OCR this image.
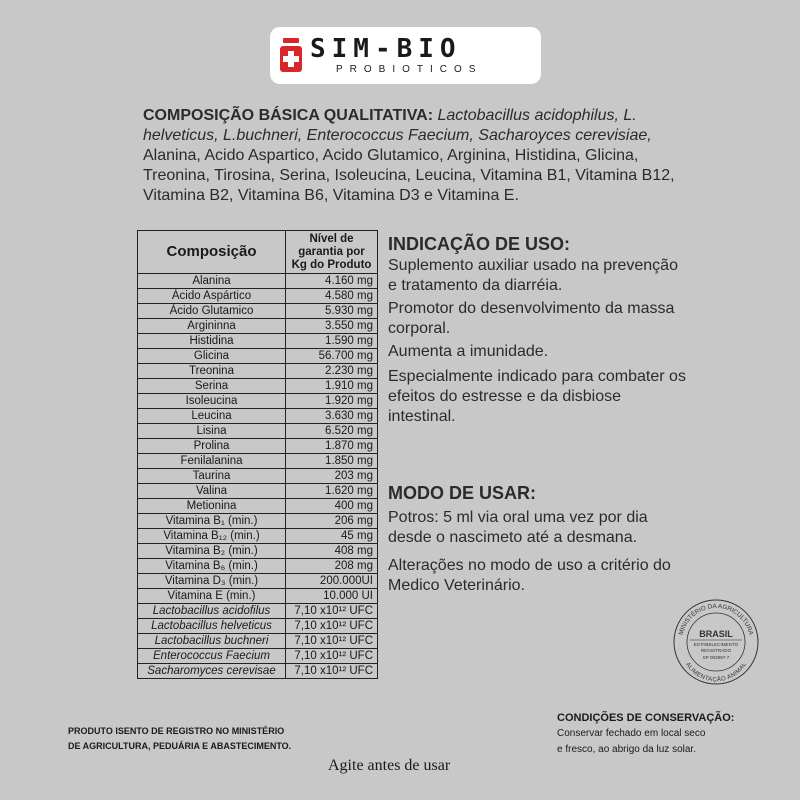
SIM-BIO
PROBIOTICOS

COMPOSIÇÃO BÁSICA QUALITATIVA: Lactobacillus acidophilus, L. helveticus, L.buchneri, Enterococcus Faecium, Sacharoyces cerevisiae, Alanina, Acido Aspartico, Acido Glutamico, Arginina, Histidina, Glicina, Treonina, Tirosina, Serina, Isoleucina, Leucina, Vitamina B1, Vitamina B12, Vitamina B2, Vitamina B6, Vitamina D3 e Vitamina E.

Composição	Nível de garantia por Kg do Produto
Alanina	4.160 mg
Ácido Aspártico	4.580 mg
Ácido Glutamico	5.930 mg
Argininna	3.550 mg
Histidina	1.590 mg
Glicina	56.700 mg
Treonina	2.230 mg
Serina	1.910 mg
Isoleucina	1.920 mg
Leucina	3.630 mg
Lisina	6.520 mg
Prolina	1.870 mg
Fenilalanina	1.850 mg
Taurina	203 mg
Valina	1.620 mg
Metionina	400 mg
Vitamina B₁ (min.)	206 mg
Vitamina B₁₂ (min.)	45 mg
Vitamina B₂ (min.)	408 mg
Vitamina B₆ (min.)	208 mg
Vitamina D₃ (min.)	200.000UI
Vitamina E (min.)	10.000 UI
Lactobacillus acidofilus	7,10 x10¹² UFC
Lactobacillus helveticus	7,10 x10¹² UFC
Lactobacillus buchneri	7,10 x10¹² UFC
Enterococcus Faecium	7,10 x10¹² UFC
Sacharomyces cerevisae	7,10 x10¹² UFC
INDICAÇÃO DE USO:

Suplemento auxiliar usado na prevenção e tratamento da diarréia.

Promotor do desenvolvimento da massa corporal.

Aumenta a imunidade.

Especialmente indicado para combater os efeitos do estresse e da disbiose intestinal.

MODO DE USAR:

Potros: 5 ml via oral uma vez por dia desde o nascimeto até a desmana.

Alterações no modo de uso a critério do Medico Veterinário.

MINISTÉRIO DA AGRICULTURA
ALIMENTAÇÃO ANIMAL
BRASIL
ESTABELECIMENTO
REGISTRADO
SP 003997-7
PRODUTO ISENTO DE REGISTRO NO MINISTÉRIO
DE AGRICULTURA, PEDUÁRIA E ABASTECIMENTO.
CONDIÇÕES DE CONSERVAÇÃO:
Conservar fechado em local seco
e fresco, ao abrigo da luz solar.
Agite antes de usar
